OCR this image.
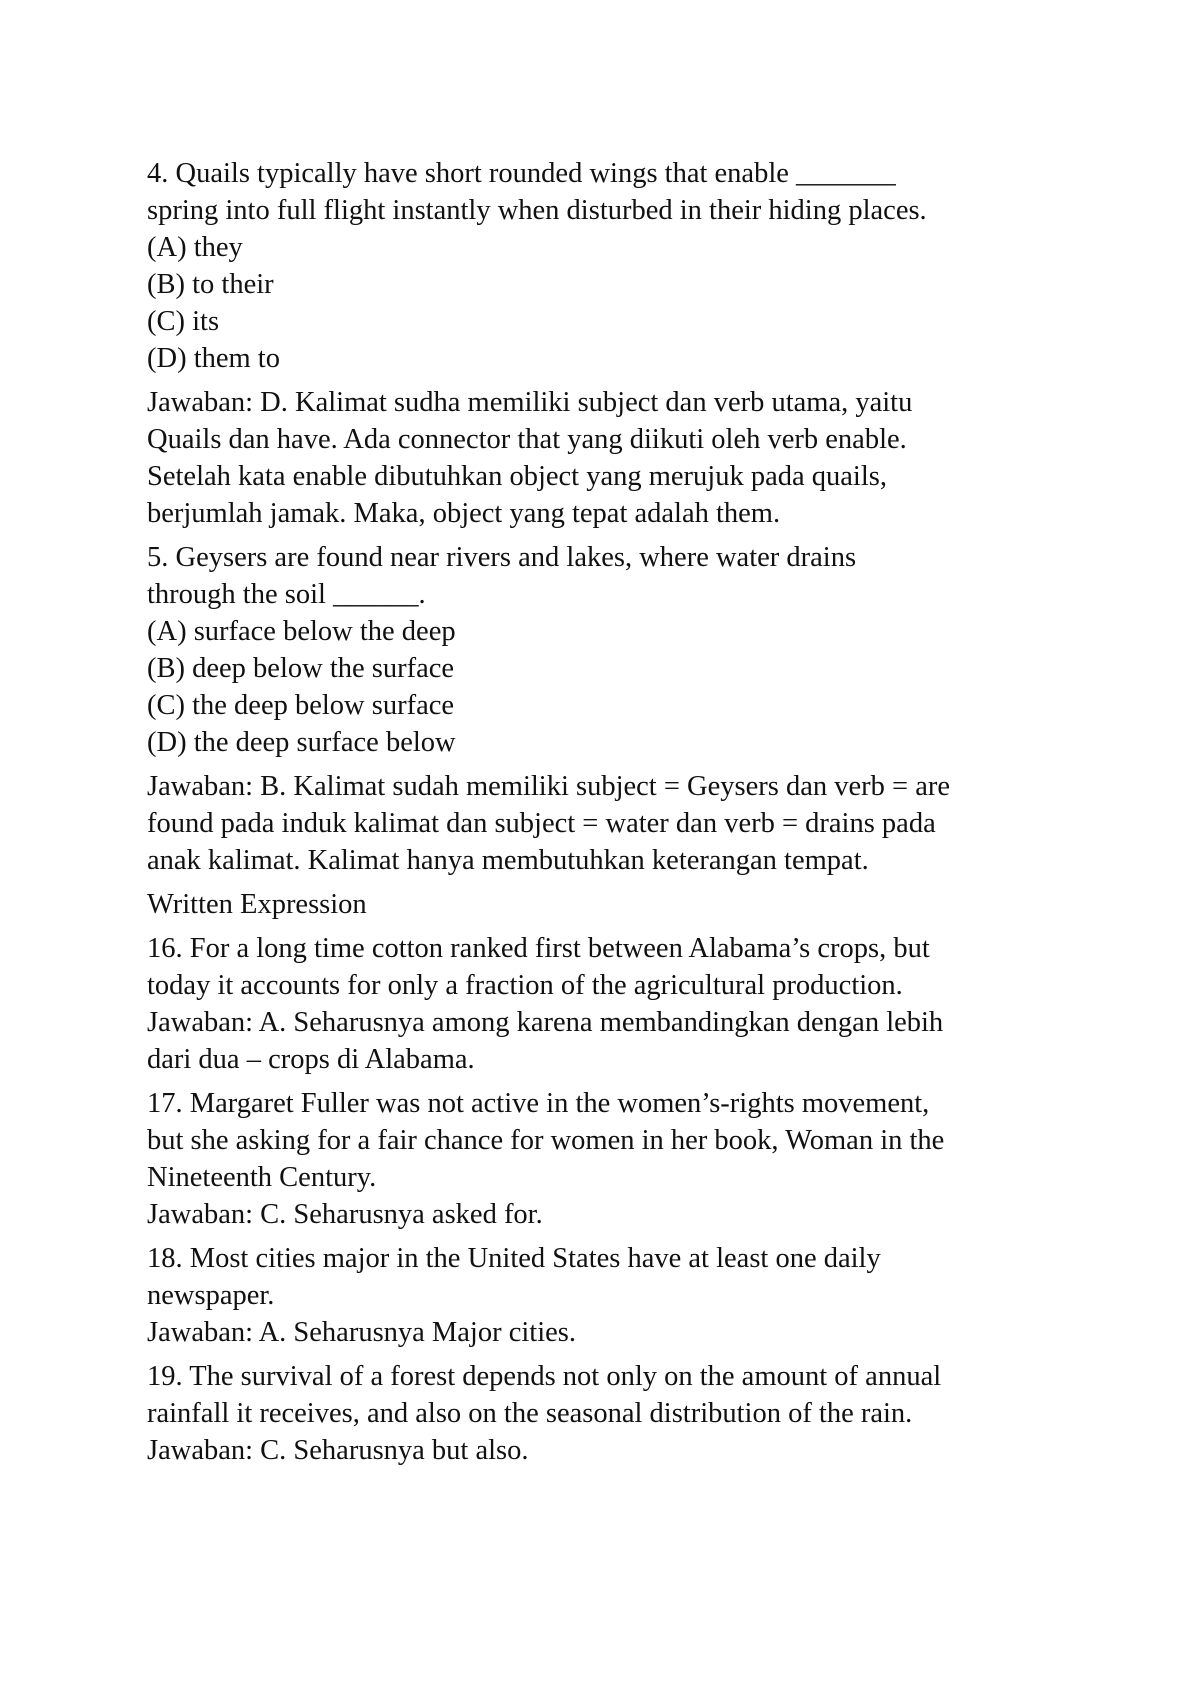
4. Quails typically have short rounded wings that enable _______
spring into full flight instantly when disturbed in their hiding places.
(A) they
(B) to their
(C) its
(D) them to
Jawaban: D. Kalimat sudha memiliki subject dan verb utama, yaitu
Quails dan have. Ada connector that yang diikuti oleh verb enable.
Setelah kata enable dibutuhkan object yang merujuk pada quails,
berjumlah jamak. Maka, object yang tepat adalah them.
5. Geysers are found near rivers and lakes, where water drains
through the soil ______.
(A) surface below the deep
(B) deep below the surface
(C) the deep below surface
(D) the deep surface below
Jawaban: B. Kalimat sudah memiliki subject = Geysers dan verb = are
found pada induk kalimat dan subject = water dan verb = drains pada
anak kalimat. Kalimat hanya membutuhkan keterangan tempat.
Written Expression
16. For a long time cotton ranked first between Alabama’s crops, but
today it accounts for only a fraction of the agricultural production.
Jawaban: A. Seharusnya among karena membandingkan dengan lebih
dari dua – crops di Alabama.
17. Margaret Fuller was not active in the women’s-rights movement,
but she asking for a fair chance for women in her book, Woman in the
Nineteenth Century.
Jawaban: C. Seharusnya asked for.
18. Most cities major in the United States have at least one daily
newspaper.
Jawaban: A. Seharusnya Major cities.
19. The survival of a forest depends not only on the amount of annual
rainfall it receives, and also on the seasonal distribution of the rain.
Jawaban: C. Seharusnya but also.
